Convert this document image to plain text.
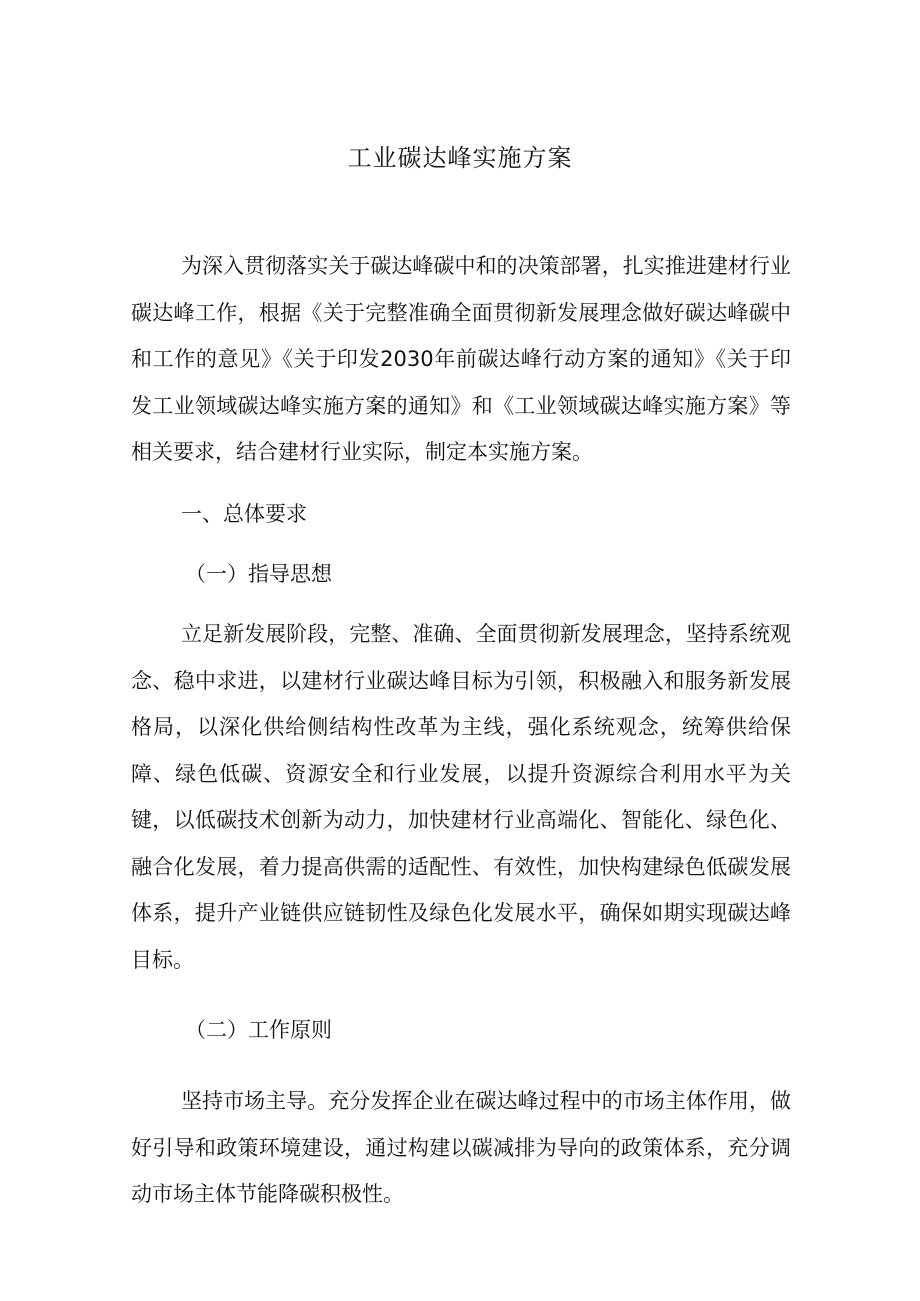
工业碳达峰实施方案
为深入贯彻落实关于碳达峰碳中和的决策部署，扎实推进建材行业碳达峰工作，根据《关于完整准确全面贯彻新发展理念做好碳达峰碳中和工作的意见》《关于印发2030年前碳达峰行动方案的通知》《关于印发工业领域碳达峰实施方案的通知》和《工业领域碳达峰实施方案》等相关要求，结合建材行业实际，制定本实施方案。
一、总体要求
（一）指导思想
立足新发展阶段，完整、准确、全面贯彻新发展理念，坚持系统观念、稳中求进，以建材行业碳达峰目标为引领，积极融入和服务新发展格局，以深化供给侧结构性改革为主线，强化系统观念，统筹供给保障、绿色低碳、资源安全和行业发展，以提升资源综合利用水平为关键，以低碳技术创新为动力，加快建材行业高端化、智能化、绿色化、融合化发展，着力提高供需的适配性、有效性，加快构建绿色低碳发展体系，提升产业链供应链韧性及绿色化发展水平，确保如期实现碳达峰目标。
（二）工作原则
坚持市场主导。充分发挥企业在碳达峰过程中的市场主体作用，做好引导和政策环境建设，通过构建以碳减排为导向的政策体系，充分调动市场主体节能降碳积极性。
